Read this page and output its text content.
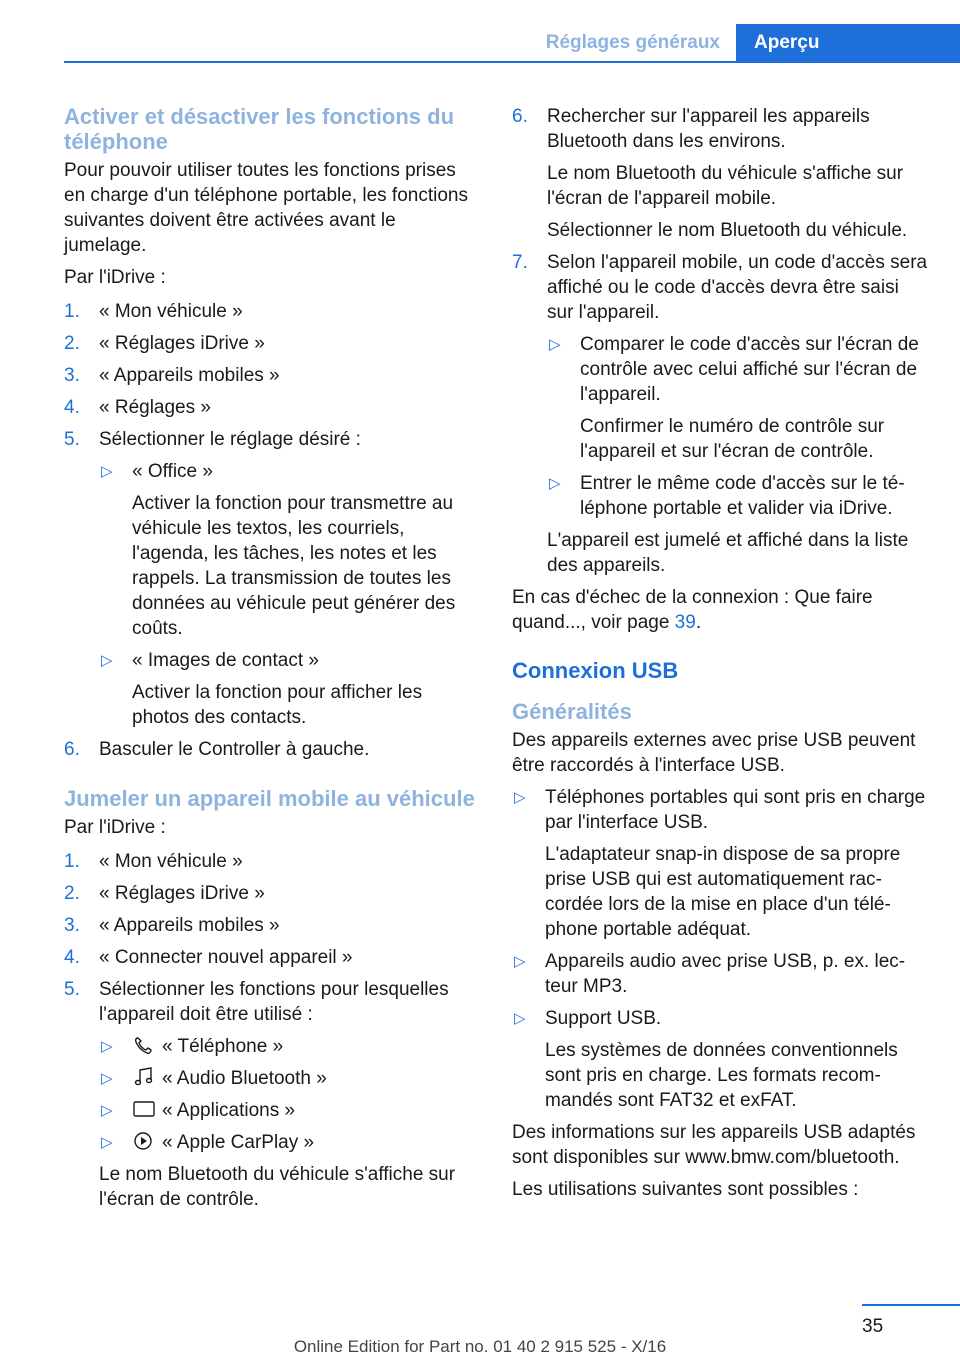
Réglages généraux	Aperçu
Activer et désactiver les fonctions du téléphone

Pour pouvoir utiliser toutes les fonctions prises en charge d'un téléphone portable, les fonctions suivantes doivent être activées avant le jumelage.

Par l'iDrive :

1. « Mon véhicule »
2. « Réglages iDrive »
3. « Appareils mobiles »
4. « Réglages »
5. Sélectionner le réglage désiré :
▷ « Office »

Activer la fonction pour transmettre au véhicule les textos, les courriels, l'agenda, les tâches, les notes et les rappels. La transmission de toutes les données au véhicule peut générer des coûts.

▷ « Images de contact »

Activer la fonction pour afficher les photos des contacts.

6. Basculer le Controller à gauche.
Jumeler un appareil mobile au véhicule

Par l'iDrive :

1. « Mon véhicule »
2. « Réglages iDrive »
3. « Appareils mobiles »
4. « Connecter nouvel appareil »
5. Sélectionner les fonctions pour lesquelles l'appareil doit être utilisé :
▷	« Téléphone »
▷	« Audio Bluetooth »
▷	« Applications »
▷	« Apple CarPlay »

Le nom Bluetooth du véhicule s'affiche sur l'écran de contrôle.

6. Rechercher sur l'appareil les appareils Bluetooth dans les environs.

Le nom Bluetooth du véhicule s'affiche sur l'écran de l'appareil mobile.

Sélectionner le nom Bluetooth du véhicule.

7. Selon l'appareil mobile, un code d'accès sera affiché ou le code d'accès devra être saisi sur l'appareil.

▷ Comparer le code d'accès sur l'écran de contrôle avec celui affiché sur l'écran de l'appareil.

Confirmer le numéro de contrôle sur l'appareil et sur l'écran de contrôle.

▷ Entrer le même code d'accès sur le téléphone portable et valider via iDrive.

L'appareil est jumelé et affiché dans la liste des appareils.

En cas d'échec de la connexion : Que faire quand..., voir page 39.

Connexion USB
Généralités

Des appareils externes avec prise USB peuvent être raccordés à l'interface USB.

▷ Téléphones portables qui sont pris en charge par l'interface USB.

L'adaptateur snap-in dispose de sa propre prise USB qui est automatiquement raccordée lors de la mise en place d'un téléphone portable adéquat.

▷ Appareils audio avec prise USB, p. ex. lecteur MP3.

▷ Support USB.

Les systèmes de données conventionnels sont pris en charge. Les formats recommandés sont FAT32 et exFAT.

Des informations sur les appareils USB adaptés sont disponibles sur www.bmw.com/bluetooth.

Les utilisations suivantes sont possibles :

35
Online Edition for Part no. 01 40 2 915 525 - X/16
